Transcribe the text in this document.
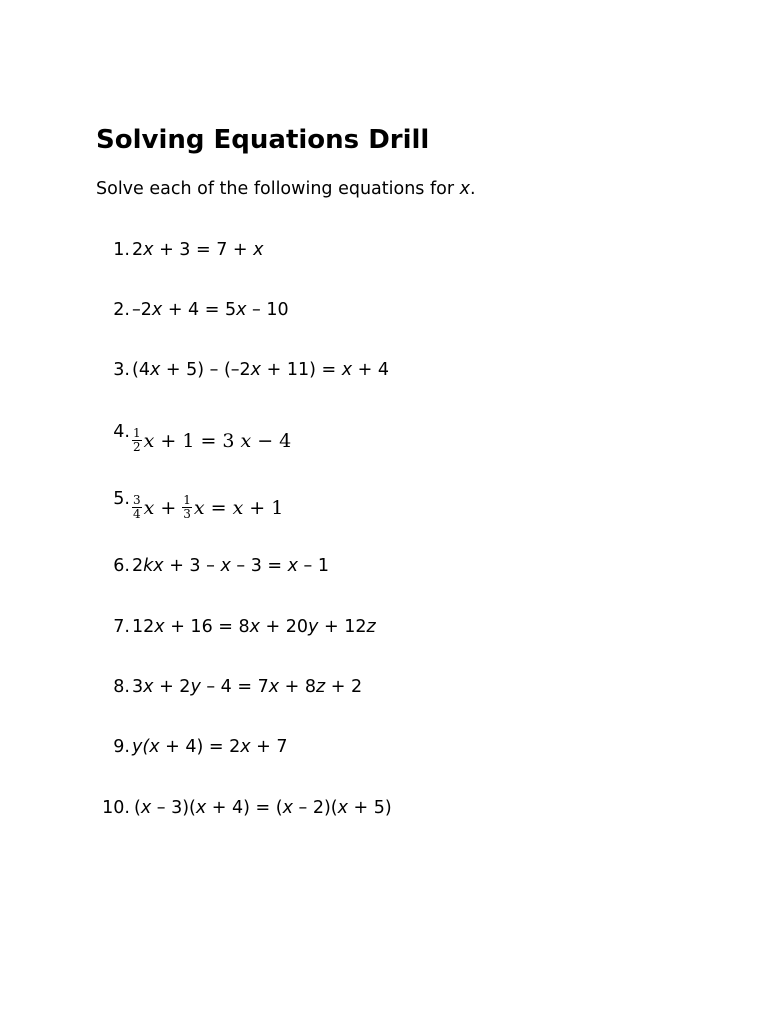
Solving Equations Drill
Solve each of the following equations for x.
1. 2x + 3 = 7 + x
2. –2x + 4 = 5x – 10
3. (4x + 5) – (–2x + 11) = x + 4
4. $\frac{1}{2}$ x + 1 = 3 x − 4
5. $\frac{3}{4}$ $x + \frac{1}{3}$ x = x + 1
6. 2kx + 3 – x – 3 = x – 1
7. 12x + 16 = 8x + 20y + 12z
8. 3x + 2y – 4 = 7x + 8z + 2
9. y(x + 4) = 2x + 7
10. (x – 3)(x + 4) = (x – 2)(x + 5)
